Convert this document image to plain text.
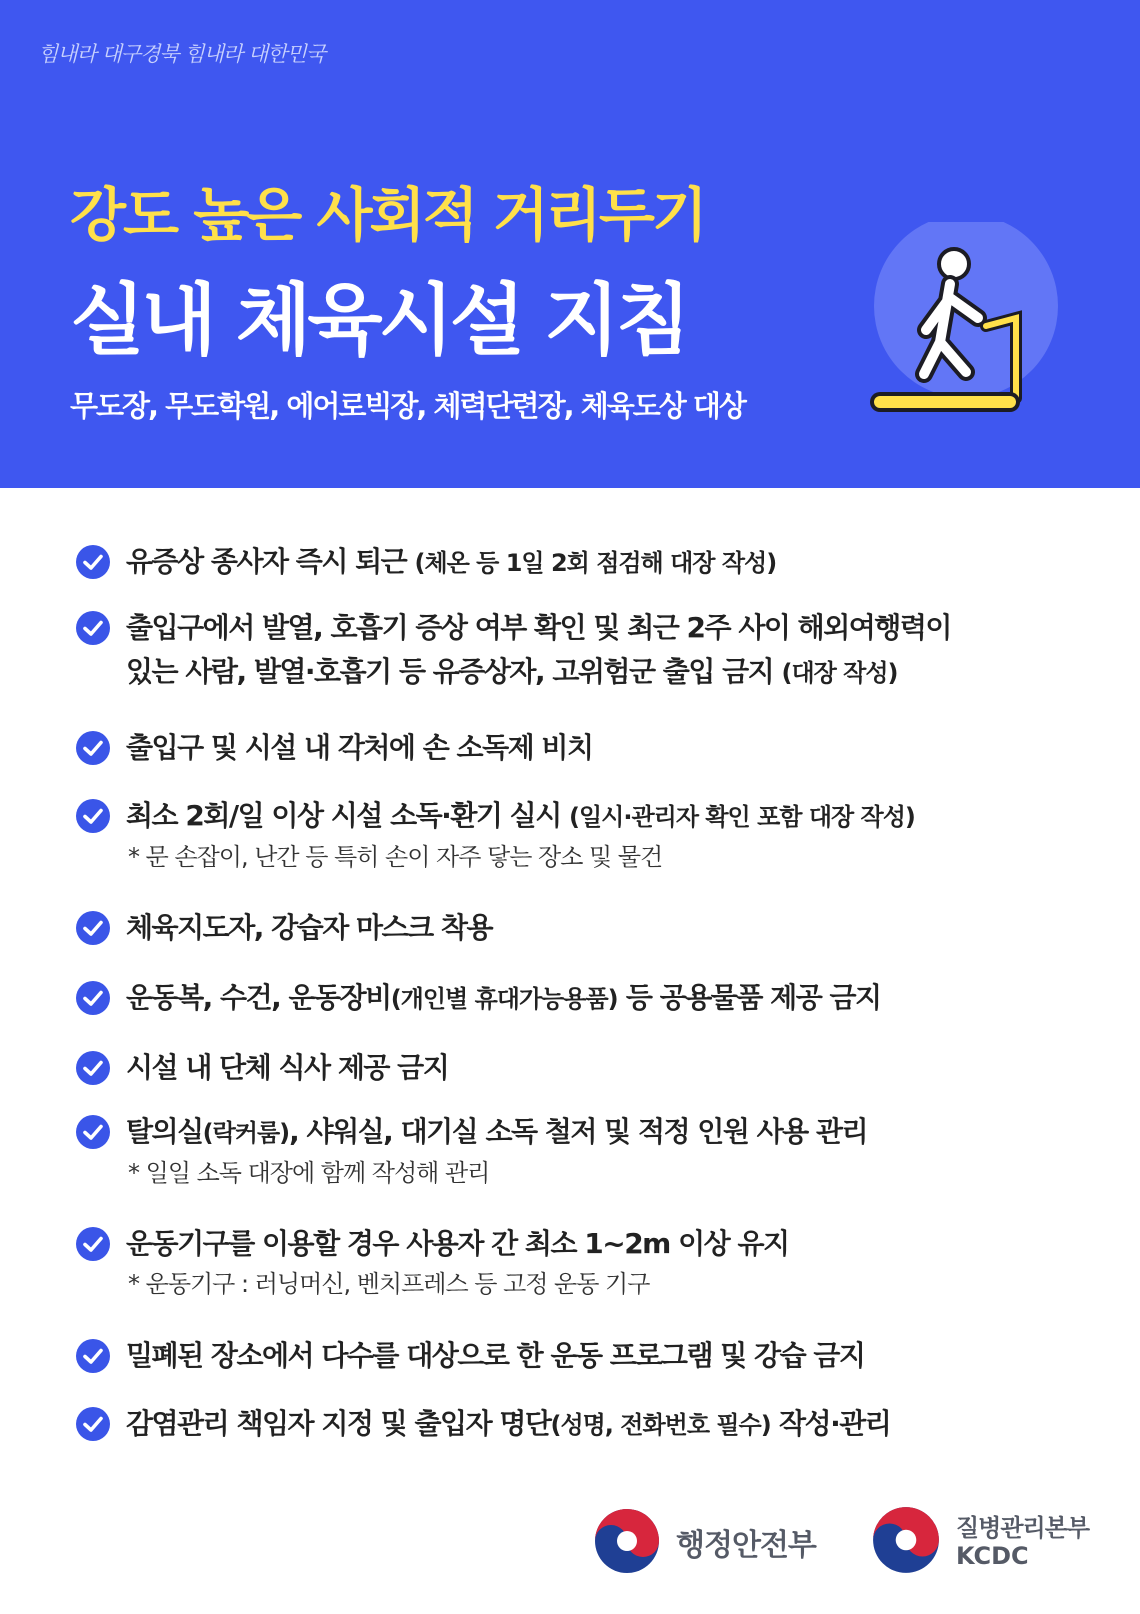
힘내라 대구경북 힘내라 대한민국
강도 높은 사회적 거리두기
실내 체육시설 지침

무도장, 무도학원, 에어로빅장, 체력단련장, 체육도상 대상

유증상 종사자 즉시 퇴근 (체온 등 1일 2회 점검해 대장 작성)
출입구에서 발열, 호흡기 증상 여부 확인 및 최근 2주 사이 해외여행력이
있는 사람, 발열·호흡기 등 유증상자, 고위험군 출입 금지 (대장 작성)
출입구 및 시설 내 각처에 손 소독제 비치
최소 2회/일 이상 시설 소독·환기 실시 (일시·관리자 확인 포함 대장 작성)
* 문 손잡이, 난간 등 특히 손이 자주 닿는 장소 및 물건
체육지도자, 강습자 마스크 착용
운동복, 수건, 운동장비(개인별 휴대가능용품) 등 공용물품 제공 금지
시설 내 단체 식사 제공 금지
탈의실(락커룸), 샤워실, 대기실 소독 철저 및 적정 인원 사용 관리
* 일일 소독 대장에 함께 작성해 관리
운동기구를 이용할 경우 사용자 간 최소 1~2m 이상 유지
* 운동기구 : 러닝머신, 벤치프레스 등 고정 운동 기구
밀폐된 장소에서 다수를 대상으로 한 운동 프로그램 및 강습 금지
감염관리 책임자 지정 및 출입자 명단(성명, 전화번호 필수) 작성·관리
행정안전부	질병관리본부
KCDC
